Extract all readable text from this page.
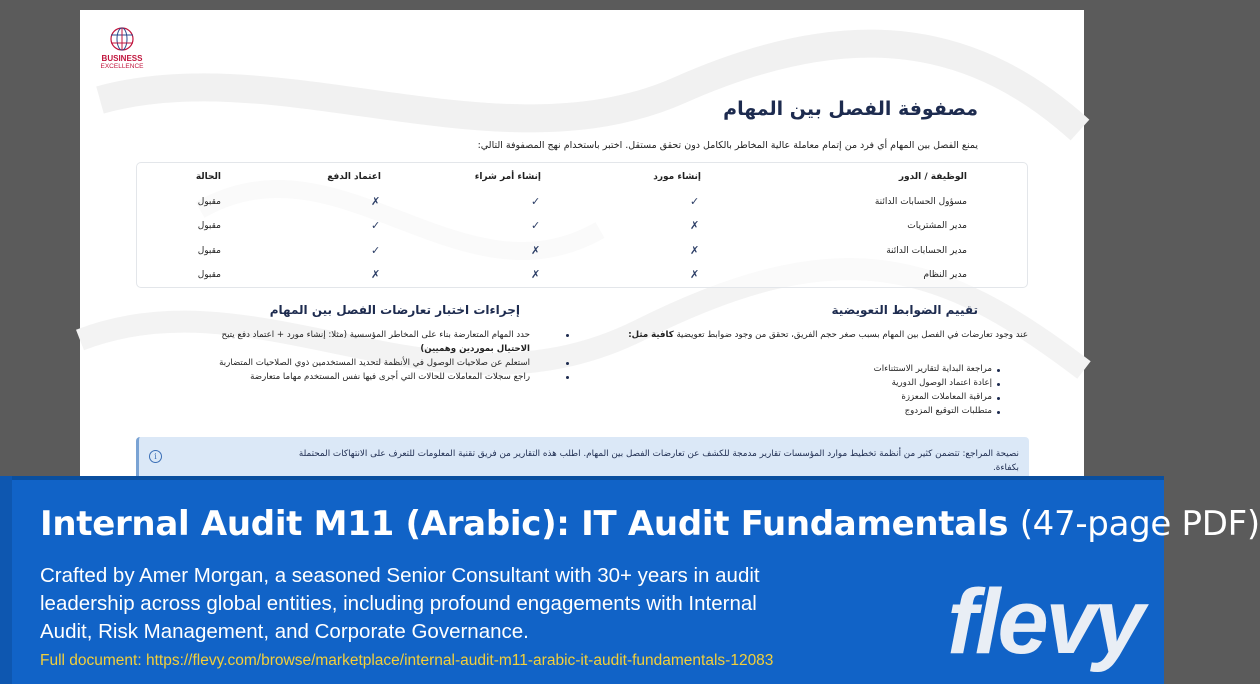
BUSINESS
EXCELLENCE
مصفوفة الفصل بين المهام
يمنع الفصل بين المهام أي فرد من إتمام معاملة عالية المخاطر بالكامل دون تحقق مستقل. اختبر باستخدام نهج المصفوفة التالي:
الوظيفة / الدور
إنشاء مورد
إنشاء أمر شراء
اعتماد الدفع
الحالة
مسؤول الحسابات الدائنة
✓
✓
✗
مقبول
مدير المشتريات
✗
✓
✓
مقبول
مدير الحسابات الدائنة
✗
✗
✓
مقبول
مدير النظام
✗
✗
✗
مقبول
تقييم الضوابط التعويضية
عند وجود تعارضات في الفصل بين المهام بسبب صغر حجم الفريق، تحقق من وجود ضوابط تعويضية كافية مثل:
مراجعة البداية لتقارير الاستثناءات
إعادة اعتماد الوصول الدورية
مراقبة المعاملات المعززة
متطلبات التوقيع المزدوج
إجراءات اختبار تعارضات الفصل بين المهام
حدد المهام المتعارضة بناء على المخاطر المؤسسية (مثلا: إنشاء مورد + اعتماد دفع يتيح
الاحتيال بموردين وهميين)
استعلم عن صلاحيات الوصول في الأنظمة لتحديد المستخدمين ذوي الصلاحيات المتضاربة
راجع سجلات المعاملات للحالات التي أجرى فيها نفس المستخدم مهاما متعارضة
i	نصيحة المراجع: تتضمن كثير من أنظمة تخطيط موارد المؤسسات تقارير مدمجة للكشف عن تعارضات الفصل بين المهام. اطلب هذه التقارير من فريق تقنية المعلومات للتعرف على الانتهاكات المحتملة
بكفاءة.
Internal Audit M11 (Arabic): IT Audit Fundamentals (47-page PDF)
Crafted by Amer Morgan, a seasoned Senior Consultant with 30+ years in audit leadership across global entities, including profound engagements with Internal Audit, Risk Management, and Corporate Governance.
Full document: https://flevy.com/browse/marketplace/internal-audit-m11-arabic-it-audit-fundamentals-12083 flevy
